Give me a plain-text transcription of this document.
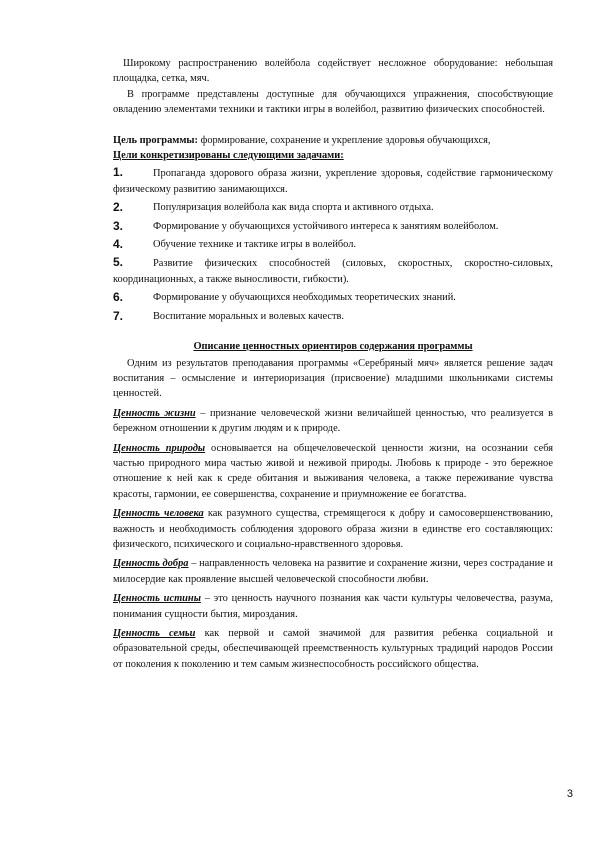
Широкому распространению волейбола содействует несложное оборудование: небольшая площадка, сетка, мяч.

В программе представлены доступные для обучающихся упражнения, способствующие овладению элементами техники и тактики игры в волейбол, развитию физических способностей.

Цель программы: формирование, сохранение и укрепление здоровья обучающихся,

Цели конкретизированы следующими задачами:

1.	Пропаганда здорового образа жизни, укрепление здоровья, содействие гармоническому физическому развитию занимающихся.
2.	Популяризация волейбола как вида спорта и активного отдыха.
3.	Формирование у обучающихся устойчивого интереса к занятиям волейболом.
4.	Обучение технике и тактике игры в волейбол.
5.	Развитие физических способностей (силовых, скоростных, скоростно-силовых, координационных, а также выносливости, гибкости).
6.	Формирование у обучающихся необходимых теоретических знаний.
7.	Воспитание моральных и волевых качеств.

Описание ценностных ориентиров содержания программы

Одним из результатов преподавания программы «Серебряный мяч» является решение задач воспитания – осмысление и интериоризация (присвоение) младшими школьниками системы ценностей.

Ценность жизни – признание человеческой жизни величайшей ценностью, что реализуется в бережном отношении к другим людям и к природе.

Ценность природы основывается на общечеловеческой ценности жизни, на осознании себя частью природного мира частью живой и неживой природы. Любовь к природе - это бережное отношение к ней как к среде обитания и выживания человека, а также переживание чувства красоты, гармонии, ее совершенства, сохранение и приумножение ее богатства.

Ценность человека как разумного существа, стремящегося к добру и самосовершенствованию, важность и необходимость соблюдения здорового образа жизни в единстве его составляющих: физического, психического и социально-нравственного здоровья.

Ценность добра – направленность человека на развитие и сохранение жизни, через сострадание и милосердие как проявление высшей человеческой способности любви.

Ценность истины – это ценность научного познания как части культуры человечества, разума, понимания сущности бытия, мироздания.

Ценность семьи как первой и самой значимой для развития ребенка социальной и образовательной среды, обеспечивающей преемственность культурных традиций народов России от поколения к поколению и тем самым жизнеспособность российского общества.

3
